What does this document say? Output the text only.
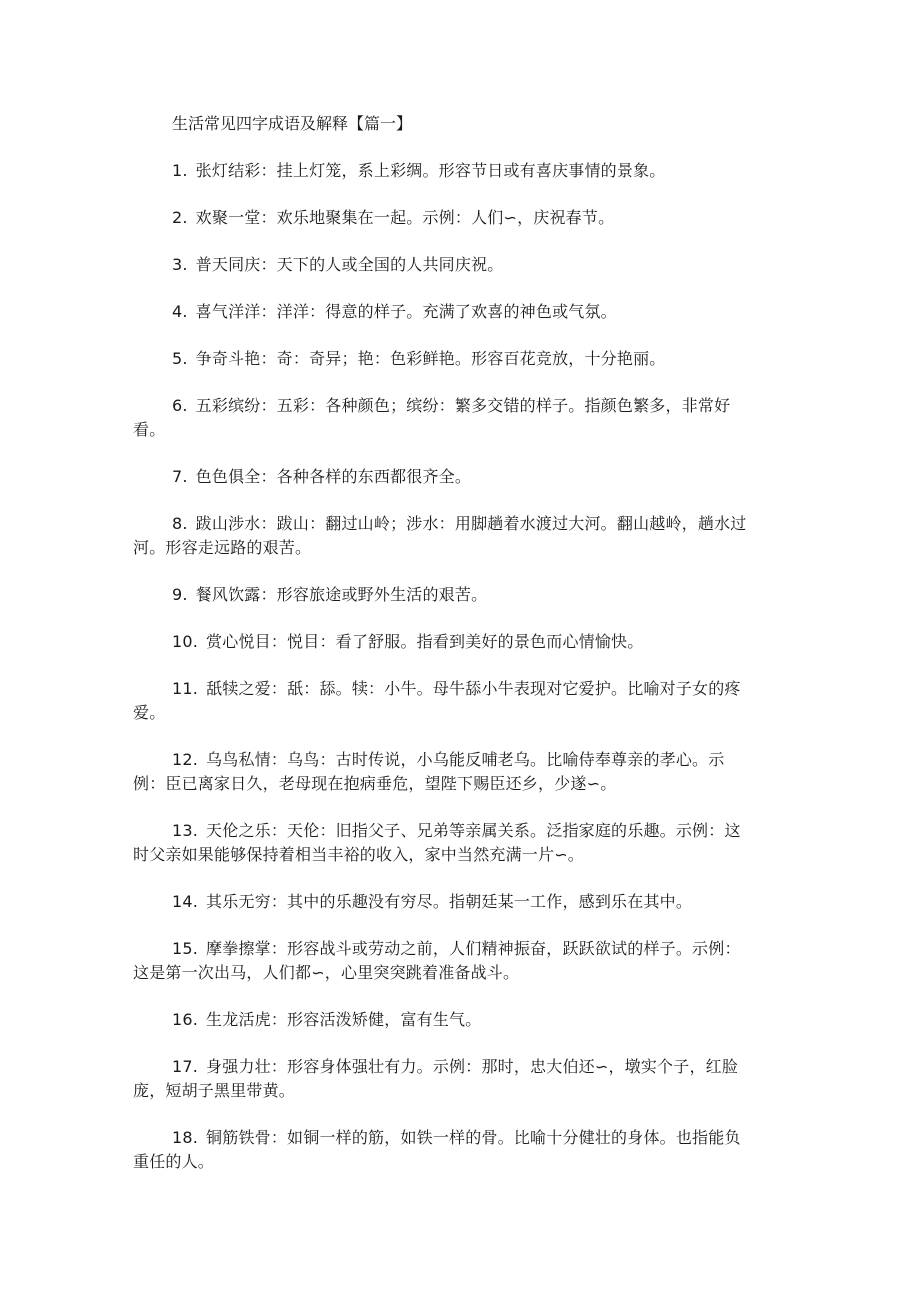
生活常见四字成语及解释【篇一】
1. 张灯结彩：挂上灯笼，系上彩绸。形容节日或有喜庆事情的景象。
2. 欢聚一堂：欢乐地聚集在一起。示例：人们∽，庆祝春节。
3. 普天同庆：天下的人或全国的人共同庆祝。
4. 喜气洋洋：洋洋：得意的样子。充满了欢喜的神色或气氛。
5. 争奇斗艳：奇：奇异；艳：色彩鲜艳。形容百花竞放，十分艳丽。
6. 五彩缤纷：五彩：各种颜色；缤纷：繁多交错的样子。指颜色繁多，非常好看。
7. 色色俱全：各种各样的东西都很齐全。
8. 跋山涉水：跋山：翻过山岭；涉水：用脚趟着水渡过大河。翻山越岭，趟水过河。形容走远路的艰苦。
9. 餐风饮露：形容旅途或野外生活的艰苦。
10. 赏心悦目：悦目：看了舒服。指看到美好的景色而心情愉快。
11. 舐犊之爱：舐：舔。犊：小牛。母牛舔小牛表现对它爱护。比喻对子女的疼爱。
12. 乌鸟私情：乌鸟：古时传说，小乌能反哺老乌。比喻侍奉尊亲的孝心。示例：臣已离家日久，老母现在抱病垂危，望陛下赐臣还乡，少遂∽。
13. 天伦之乐：天伦：旧指父子、兄弟等亲属关系。泛指家庭的乐趣。示例：这时父亲如果能够保持着相当丰裕的收入，家中当然充满一片∽。
14. 其乐无穷：其中的乐趣没有穷尽。指朝廷某一工作，感到乐在其中。
15. 摩拳擦掌：形容战斗或劳动之前，人们精神振奋，跃跃欲试的样子。示例：这是第一次出马，人们都∽，心里突突跳着准备战斗。
16. 生龙活虎：形容活泼矫健，富有生气。
17. 身强力壮：形容身体强壮有力。示例：那时，忠大伯还∽，墩实个子，红脸庞，短胡子黑里带黄。
18. 铜筋铁骨：如铜一样的筋，如铁一样的骨。比喻十分健壮的身体。也指能负重任的人。
